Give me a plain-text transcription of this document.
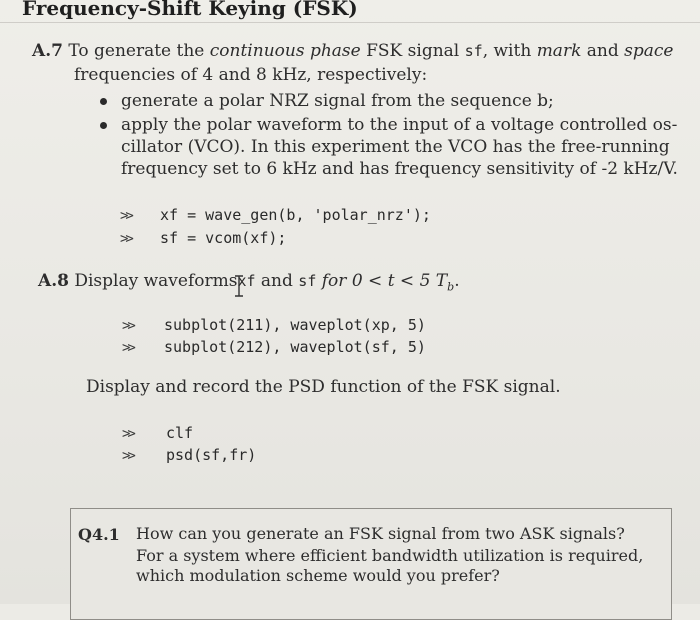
Frequency-Shift Keying (FSK)
A.7 To generate the continuous phase FSK signal sf, with mark and space
frequencies of 4 and 8 kHz, respectively:
generate a polar NRZ signal from the sequence b;
apply the polar waveform to the input of a voltage controlled os-
cillator (VCO). In this experiment the VCO has the free-running
frequency set to 6 kHz and has frequency sensitivity of -2 kHz/V.
>> xf = wave_gen(b, 'polar_nrz');
>> sf = vcom(xf);
A.8 Display waveformsxf and sf for 0 < t < 5 $T_b$.
>> subplot(211), waveplot(xp, 5)
>> subplot(212), waveplot(sf, 5)
Display and record the PSD function of the FSK signal.
>> clf
>> psd(sf,fr)
Q4.1 How can you generate an FSK signal from two ASK signals?
For a system where efficient bandwidth utilization is required,
which modulation scheme would you prefer?
